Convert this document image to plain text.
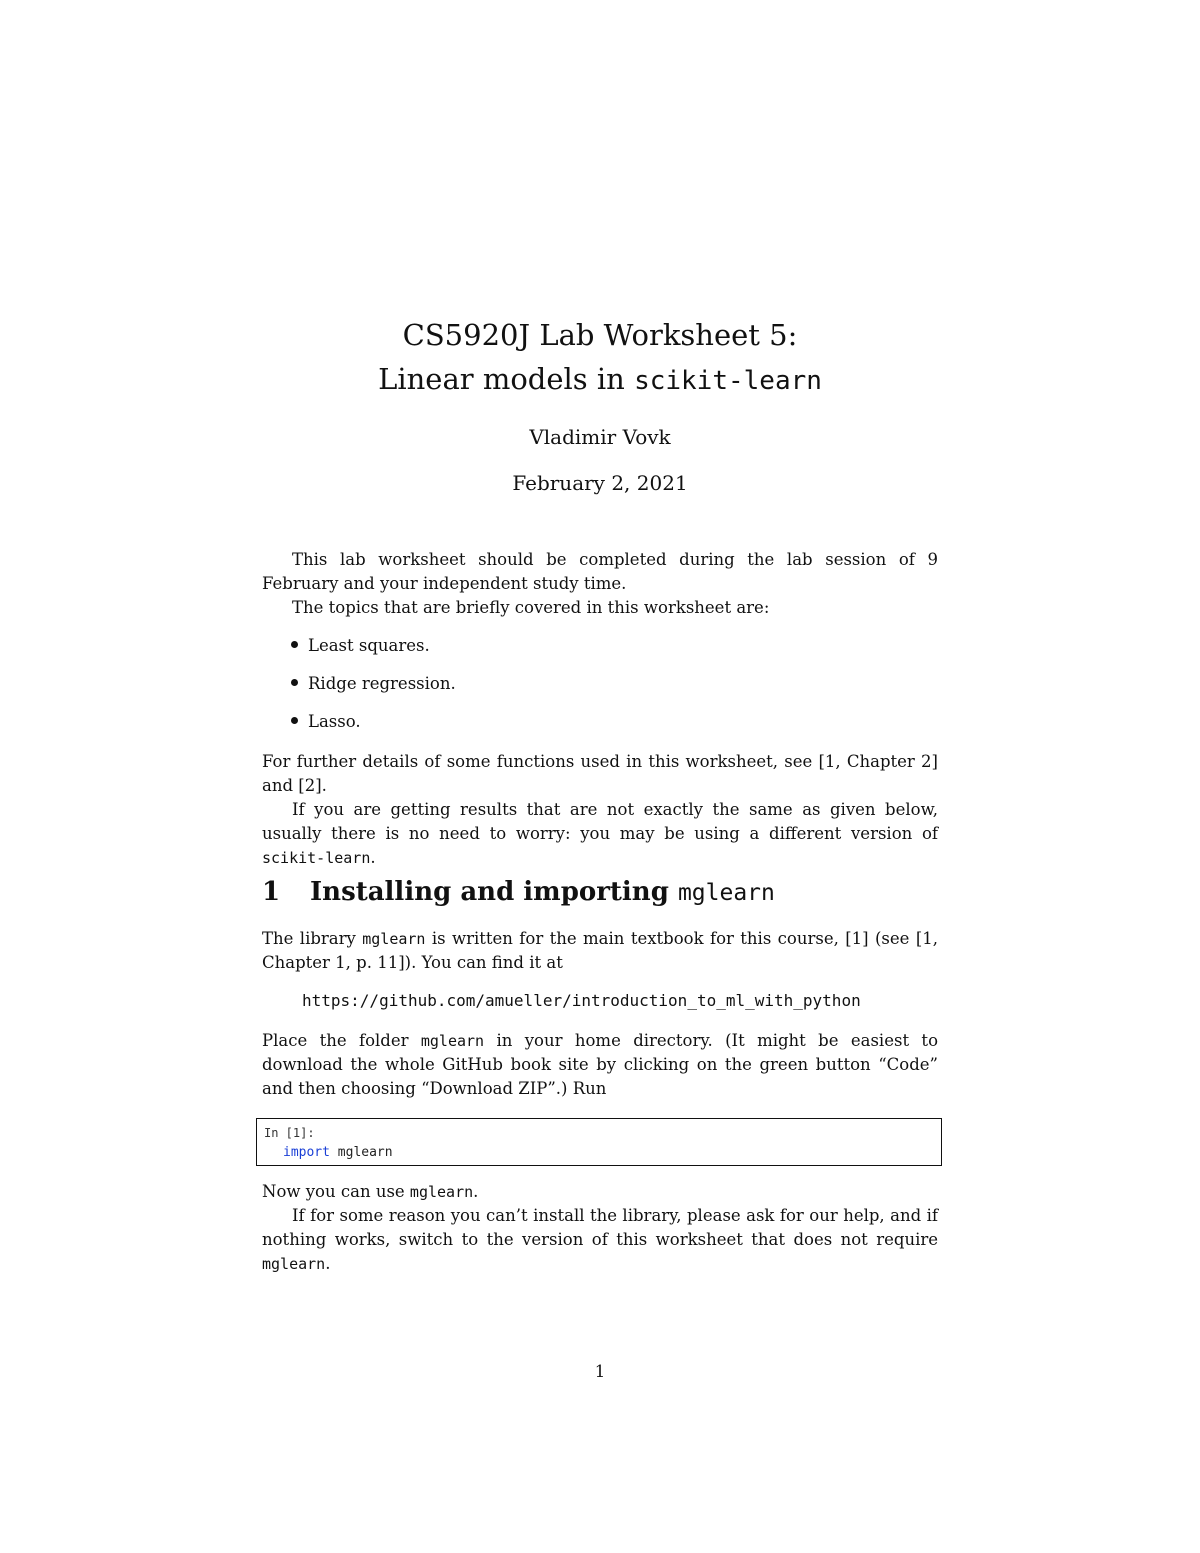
CS5920J Lab Worksheet 5:
Linear models in scikit-learn
Vladimir Vovk
February 2, 2021

This lab worksheet should be completed during the lab session of 9 February and your independent study time.

The topics that are briefly covered in this worksheet are:

Least squares.
Ridge regression.
Lasso.

For further details of some functions used in this worksheet, see [1, Chapter 2] and [2].

If you are getting results that are not exactly the same as given below, usually there is no need to worry: you may be using a different version of scikit-learn.

1 Installing and importing mglearn

The library mglearn is written for the main textbook for this course, [1] (see [1, Chapter 1, p. 11]). You can find it at

https://github.com/amueller/introduction_to_ml_with_python

Place the folder mglearn in your home directory. (It might be easiest to download the whole GitHub book site by clicking on the green button “Code” and then choosing “Download ZIP”.) Run

In [1]:
import mglearn

Now you can use mglearn.

If for some reason you can’t install the library, please ask for our help, and if nothing works, switch to the version of this worksheet that does not require mglearn.

1
